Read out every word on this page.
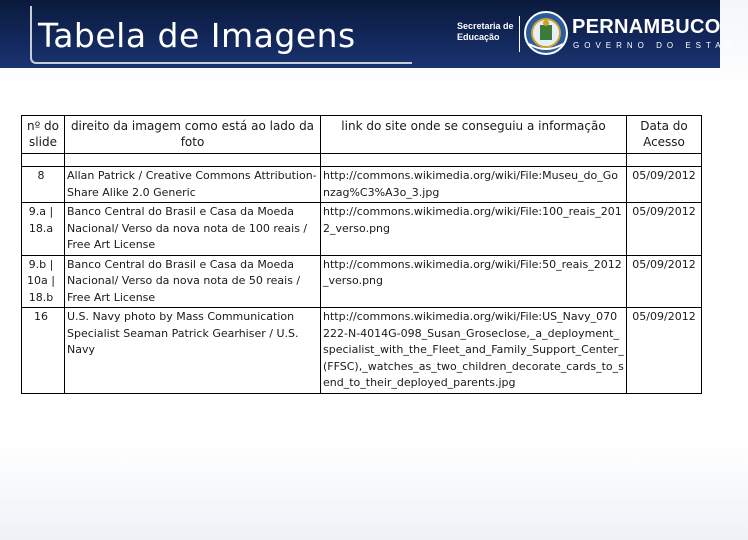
Tabela de Imagens	Secretaria de
Educação	PERNAMBUCO
GOVERNO DO ESTADO
nº do slide	direito da imagem como está ao lado da foto	link do site onde se conseguiu a informação	Data do Acesso

8	Allan Patrick / Creative Commons Attribution-Share Alike 2.0 Generic	http://commons.wikimedia.org/wiki/File:Museu_do_Gonzag%C3%A3o_3.jpg	05/09/2012
9.a | 18.a	Banco Central do Brasil e Casa da Moeda Nacional/ Verso da nova nota de 100 reais / Free Art License	http://commons.wikimedia.org/wiki/File:100_reais_2012_verso.png	05/09/2012
9.b | 10a | 18.b	Banco Central do Brasil e Casa da Moeda Nacional/ Verso da nova nota de 50 reais / Free Art License	http://commons.wikimedia.org/wiki/File:50_reais_2012_verso.png	05/09/2012
16	U.S. Navy photo by Mass Communication Specialist Seaman Patrick Gearhiser / U.S. Navy	http://commons.wikimedia.org/wiki/File:US_Navy_070222-N-4014G-098_Susan_Groseclose,_a_deployment_specialist_with_the_Fleet_and_Family_Support_Center_(FFSC),_watches_as_two_children_decorate_cards_to_send_to_their_deployed_parents.jpg	05/09/2012
